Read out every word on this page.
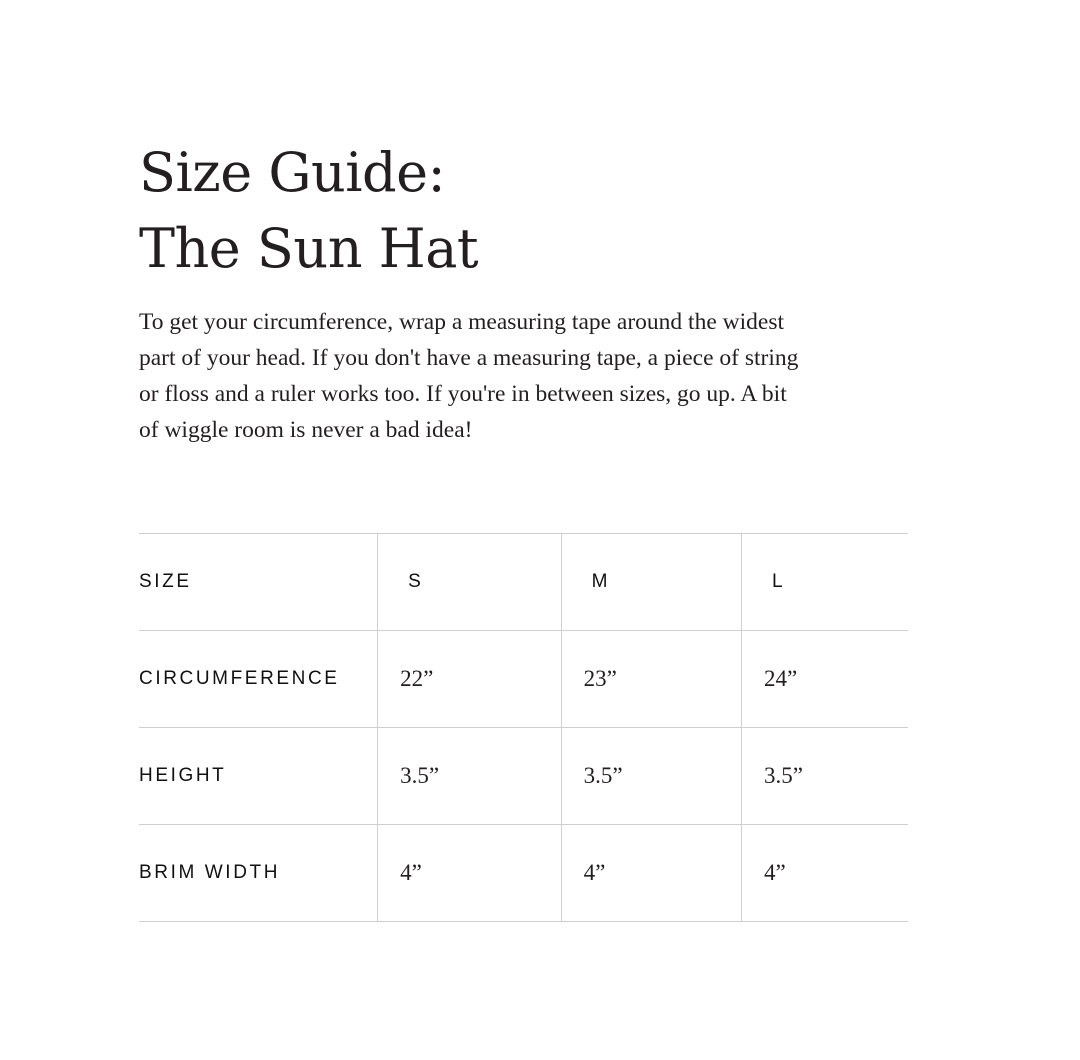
Size Guide:
The Sun Hat

To get your circumference, wrap a measuring tape around the widest part of your head. If you don't have a measuring tape, a piece of string or floss and a ruler works too. If you're in between sizes, go up. A bit of wiggle room is never a bad idea!

SIZE	S	M	L
CIRCUMFERENCE	22”	23”	24”
HEIGHT	3.5”	3.5”	3.5”
BRIM WIDTH	4”	4”	4”
